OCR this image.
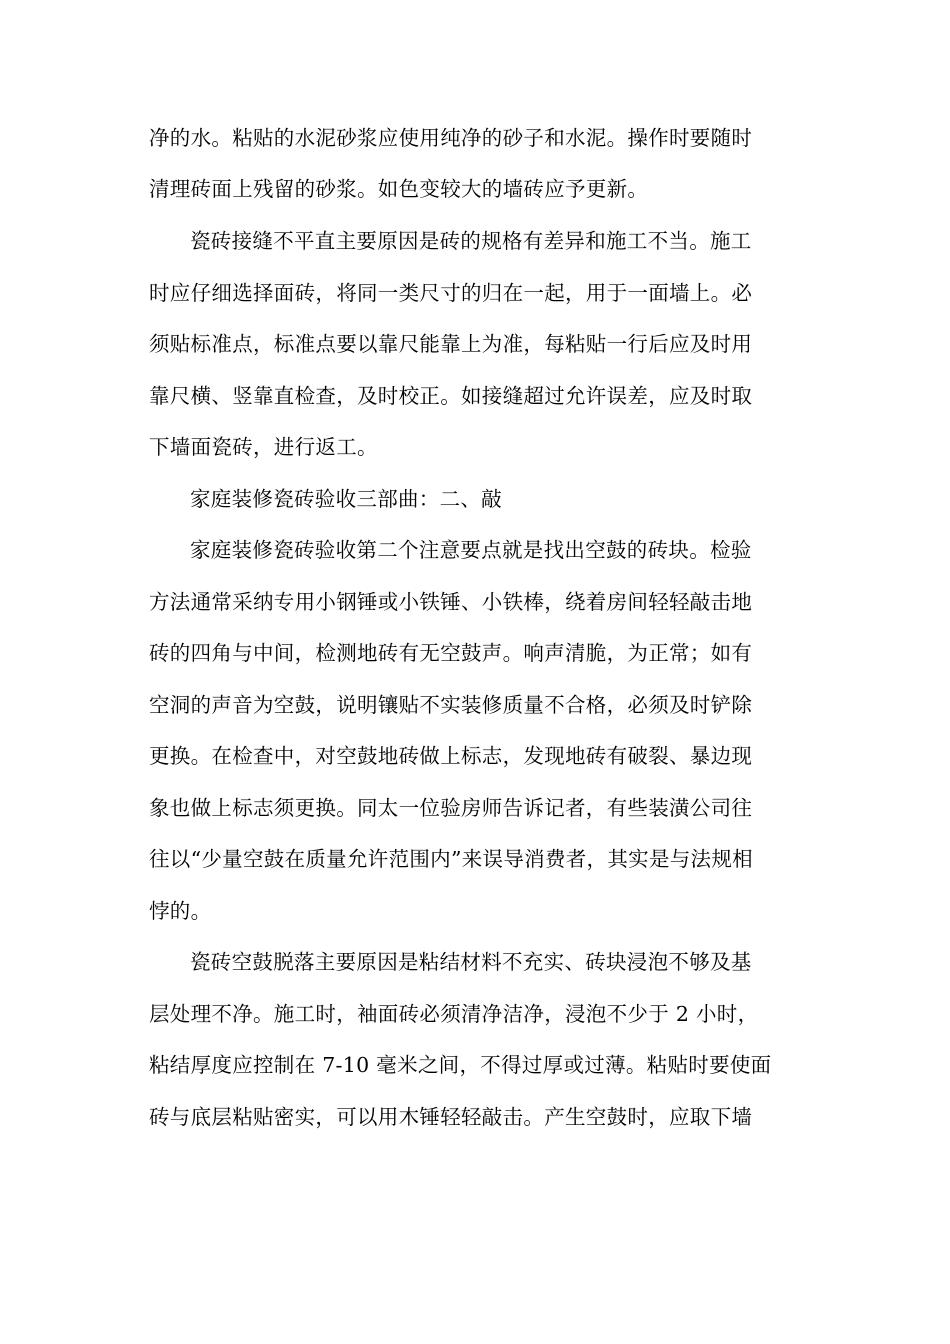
净的水。粘贴的水泥砂浆应使用纯净的砂子和水泥。操作时要随时
清理砖面上残留的砂浆。如色变较大的墙砖应予更新。
瓷砖接缝不平直主要原因是砖的规格有差异和施工不当。施工
时应仔细选择面砖，将同一类尺寸的归在一起，用于一面墙上。必
须贴标准点，标准点要以靠尺能靠上为准，每粘贴一行后应及时用
靠尺横、竖靠直检查，及时校正。如接缝超过允许误差，应及时取
下墙面瓷砖，进行返工。
家庭装修瓷砖验收三部曲：二、敲
家庭装修瓷砖验收第二个注意要点就是找出空鼓的砖块。检验
方法通常采纳专用小钢锤或小铁锤、小铁棒，绕着房间轻轻敲击地
砖的四角与中间，检测地砖有无空鼓声。响声清脆，为正常；如有
空洞的声音为空鼓，说明镶贴不实装修质量不合格，必须及时铲除
更换。在检查中，对空鼓地砖做上标志，发现地砖有破裂、暴边现
象也做上标志须更换。同太一位验房师告诉记者，有些装潢公司往
往以“少量空鼓在质量允许范围内”来误导消费者，其实是与法规相
悖的。
瓷砖空鼓脱落主要原因是粘结材料不充实、砖块浸泡不够及基
层处理不净。施工时，袖面砖必须清净洁净，浸泡不少于 2 小时，
粘结厚度应控制在 7-10 毫米之间，不得过厚或过薄。粘贴时要使面
砖与底层粘贴密实，可以用木锤轻轻敲击。产生空鼓时，应取下墙
